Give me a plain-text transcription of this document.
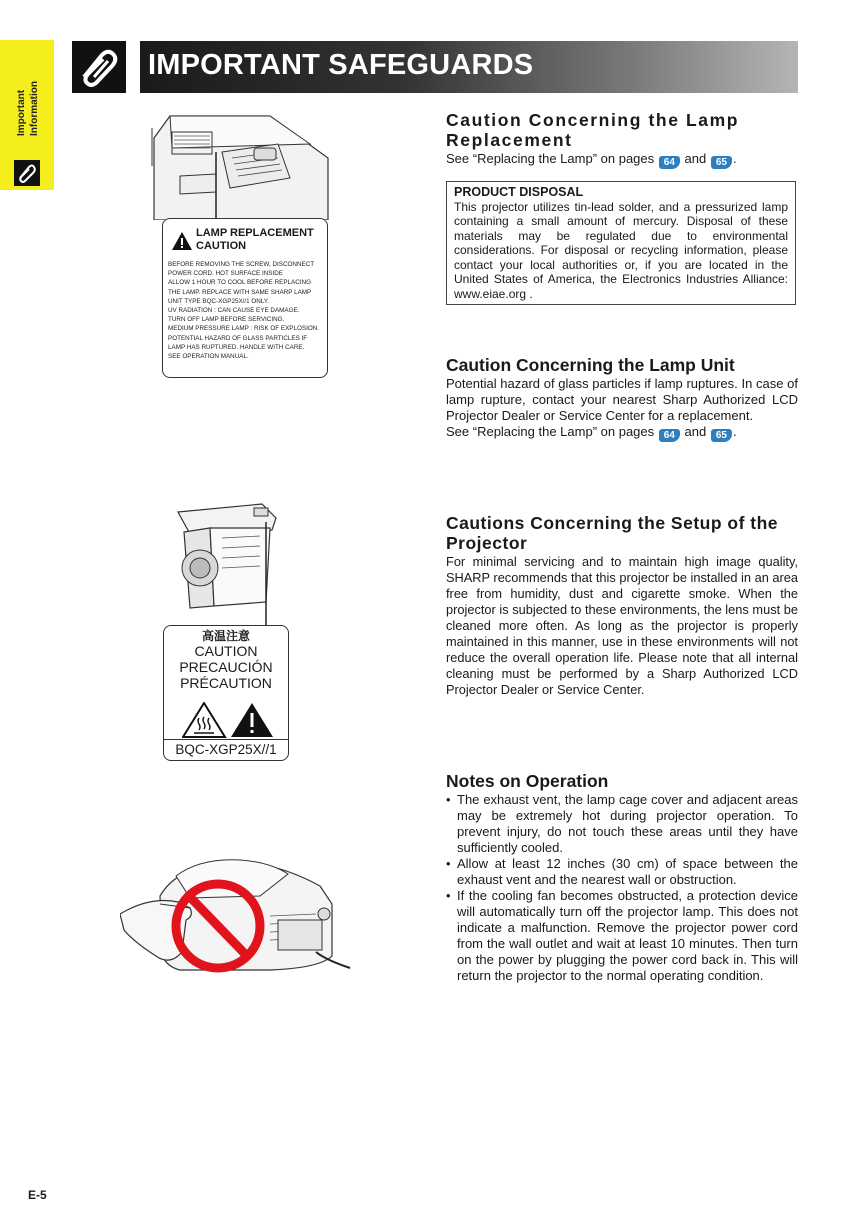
Important Information
IMPORTANT SAFEGUARDS
LAMP REPLACEMENT
CAUTION
BEFORE REMOVING THE SCREW, DISCONNECT
POWER CORD. HOT SURFACE INSIDE
ALLOW 1 HOUR TO COOL BEFORE REPLACING
THE LAMP. REPLACE WITH SAME SHARP LAMP
UNIT TYPE BQC-XGP25X//1 ONLY.
UV RADIATION : CAN CAUSE EYE DAMAGE.
TURN OFF LAMP BEFORE SERVICING.
MEDIUM PRESSURE LAMP : RISK OF EXPLOSION.
POTENTIAL HAZARD OF GLASS PARTICLES IF
LAMP HAS RUPTURED. HANDLE WITH CARE.
SEE OPERATION MANUAL.
高温注意
CAUTION
PRECAUCIÓN
PRÉCAUTION
BQC-XGP25X//1
Caution Concerning the Lamp Replacement

See “Replacing the Lamp” on pages 64 and 65 .

PRODUCT DISPOSAL
This projector utilizes tin-lead solder, and a pressurized lamp containing a small amount of mercury. Disposal of these materials may be regulated due to environmental considerations. For disposal or recycling information, please contact your local authorities or, if you are located in the United States of America, the Electronics Industries Alliance: www.eiae.org .
Caution Concerning the Lamp Unit

Potential hazard of glass particles if lamp ruptures. In case of lamp rupture, contact your nearest Sharp Authorized LCD Projector Dealer or Service Center for a replacement.

See “Replacing the Lamp” on pages 64 and 65 .

Cautions Concerning the Setup of the Projector

For minimal servicing and to maintain high image quality, SHARP recommends that this projector be installed in an area free from humidity, dust and cigarette smoke. When the projector is subjected to these environments, the lens must be cleaned more often. As long as the projector is properly maintained in this manner, use in these environments will not reduce the overall operation life. Please note that all internal cleaning must be performed by a Sharp Authorized LCD Projector Dealer or Service Center.

Notes on Operation
• The exhaust vent, the lamp cage cover and adjacent areas may be extremely hot during projector operation. To prevent injury, do not touch these areas until they have sufficiently cooled.
• Allow at least 12 inches (30 cm) of space between the exhaust vent and the nearest wall or obstruction.
• If the cooling fan becomes obstructed, a protection device will automatically turn off the projector lamp. This does not indicate a malfunction. Remove the projector power cord from the wall outlet and wait at least 10 minutes. Then turn on the power by plugging the power cord back in. This will return the projector to the normal operating condition.
E-5
